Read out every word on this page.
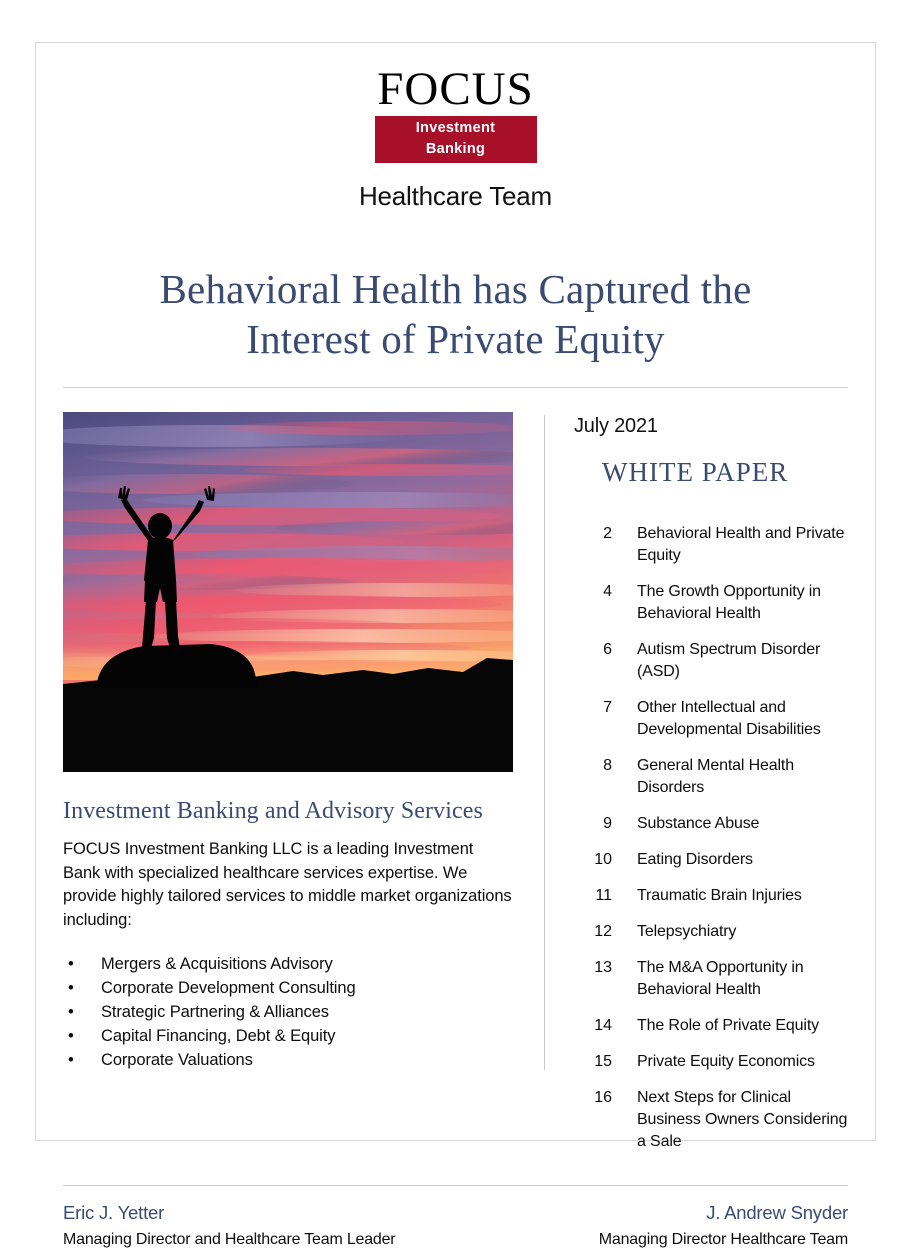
FOCUS
Investment Banking
Healthcare Team
Behavioral Health has Captured the
Interest of Private Equity
Investment Banking and Advisory Services
FOCUS Investment Banking LLC is a leading Investment Bank with specialized healthcare services expertise. We provide highly tailored services to middle market organizations including:
•	Mergers & Acquisitions Advisory
•	Corporate Development Consulting
•	Strategic Partnering & Alliances
•	Capital Financing, Debt & Equity
•	Corporate Valuations
July 2021
WHITE PAPER
2	Behavioral Health and Private Equity
4	The Growth Opportunity in Behavioral Health
6	Autism Spectrum Disorder (ASD)
7	Other Intellectual and Developmental Disabilities
8	General Mental Health Disorders
9	Substance Abuse
10	Eating Disorders
11	Traumatic Brain Injuries
12	Telepsychiatry
13	The M&A Opportunity in Behavioral Health
14	The Role of Private Equity
15	Private Equity Economics
16	Next Steps for Clinical Business Owners Considering a Sale
Eric J. Yetter
Managing Director and Healthcare Team Leader
J. Andrew Snyder
Managing Director Healthcare Team
